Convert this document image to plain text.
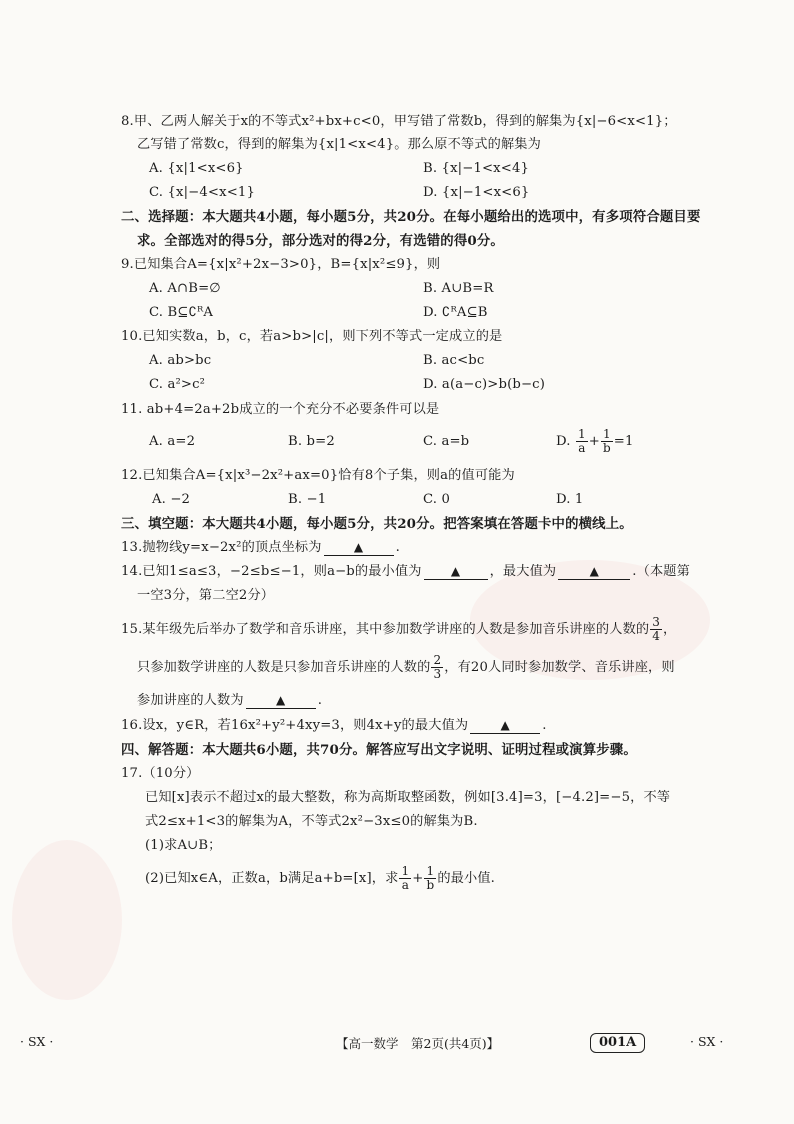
8.甲、乙两人解关于x的不等式x²+bx+c<0，甲写错了常数b，得到的解集为{x|−6<x<1}；
乙写错了常数c，得到的解集为{x|1<x<4}。那么原不等式的解集为
A. {x|1<x<6}	B. {x|−1<x<4}
C. {x|−4<x<1}	D. {x|−1<x<6}
二、选择题：本大题共4小题，每小题5分，共20分。在每小题给出的选项中，有多项符合题目要
求。全部选对的得5分，部分选对的得2分，有选错的得0分。
9.已知集合A={x|x²+2x−3>0}，B={x|x²≤9}，则
A. A∩B=∅	B. A∪B=R
C. B⊆∁ᴿA	D. ∁ᴿA⊆B
10.已知实数a，b，c，若a>b>|c|，则下列不等式一定成立的是
A. ab>bc	B. ac<bc
C. a²>c²	D. a(a−c)>b(b−c)
11. ab+4=2a+2b成立的一个充分不必要条件可以是
A. a=2	B. b=2	C. a=b	D. $\frac{1}{a} + \frac{1}{b} =1$
12.已知集合A={x|x³−2x²+ax=0}恰有8个子集，则a的值可能为
A. −2	B. −1	C. 0	D. 1
三、填空题：本大题共4小题，每小题5分，共20分。把答案填在答题卡中的横线上。
13.抛物线y=x−2x²的顶点坐标为	▲ .
14.已知1≤a≤3，−2≤b≤−1，则a−b的最小值为 ▲ ，最大值为	▲	.（本题第
一空3分，第二空2分）
15.某年级先后举办了数学和音乐讲座，其中参加数学讲座的人数是参加音乐讲座的人数的 $\frac{3}{4}$ ，
只参加数学讲座的人数是只参加音乐讲座的人数的 $\frac{2}{3}$ ，有20人同时参加数学、音乐讲座，则
参加讲座的人数为	▲ .
16.设x，y∈R，若16x²+y²+4xy=3，则4x+y的最大值为	▲ .
四、解答题：本大题共6小题，共70分。解答应写出文字说明、证明过程或演算步骤。
17.（10分）
已知[x]表示不超过x的最大整数，称为高斯取整函数，例如[3.4]=3，[−4.2]=−5，不等
式2≤x+1<3的解集为A，不等式2x²−3x≤0的解集为B.
(1)求A∪B；
(2)已知x∈A，正数a，b满足a+b=[x]，求 $\frac{1}{a} + \frac{1}{b}$ 的最小值.
· SX ·	【高一数学　第2页(共4页)】	001A	· SX ·
